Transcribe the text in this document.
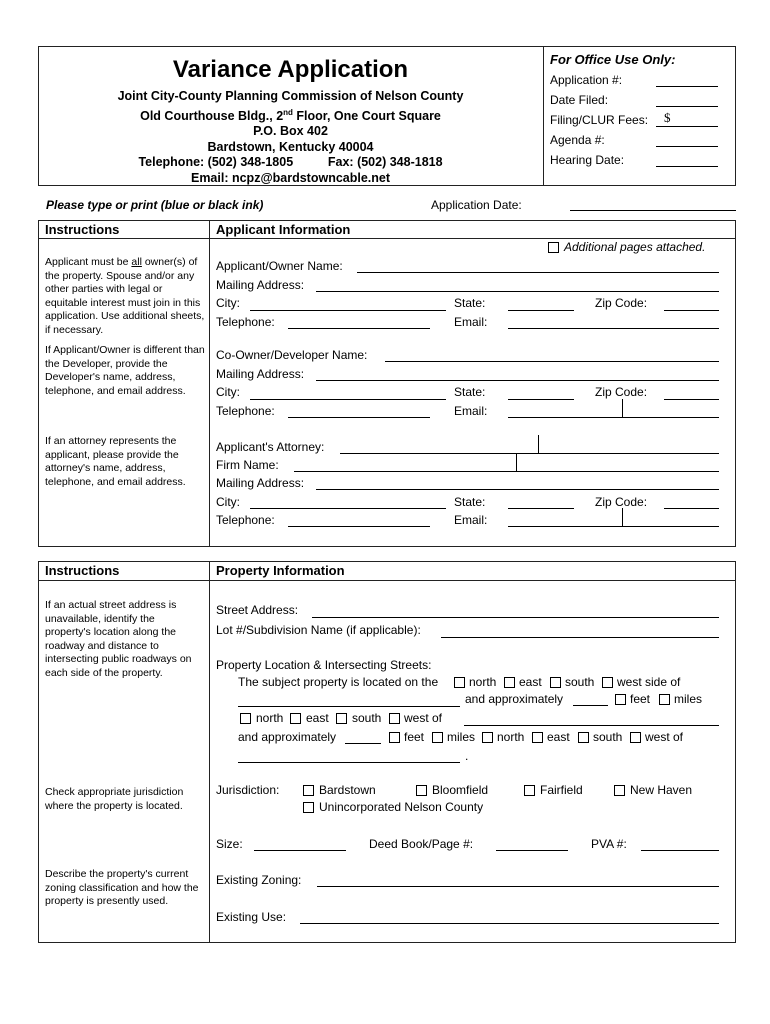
Variance Application
Joint City-County Planning Commission of Nelson County
Old Courthouse Bldg., 2nd Floor, One Court Square
P.O. Box 402
Bardstown, Kentucky 40004
Telephone: (502) 348-1805	Fax: (502) 348-1818
Email: ncpz@bardstowncable.net
For Office Use Only:
Application #:
Date Filed:
Filing/CLUR Fees: $
Agenda #:
Hearing Date:
Please type or print (blue or black ink)	Application Date:
Instructions	Applicant Information
Applicant must be all owner(s) of the property. Spouse and/or any other parties with legal or equitable interest must join in this application. Use additional sheets, if necessary.
If Applicant/Owner is different than the Developer, provide the Developer's name, address, telephone, and email address.
If an attorney represents the applicant, please provide the attorney's name, address, telephone, and email address.
Additional pages attached.
Applicant/Owner Name:
Mailing Address:
City:	State:	Zip Code:
Telephone:	Email:
Co-Owner/Developer Name:
Mailing Address:
City:	State:	Zip Code:
Telephone:	Email:
Applicant's Attorney:
Firm Name:
Mailing Address:
City:	State:	Zip Code:
Telephone:	Email:
Instructions	Property Information
If an actual street address is unavailable, identify the property's location along the roadway and distance to intersecting public roadways on each side of the property.
Check appropriate jurisdiction where the property is located.
Describe the property's current zoning classification and how the property is presently used.
Street Address:
Lot #/Subdivision Name (if applicable):
Property Location & Intersecting Streets:
The subject property is located on the	north east south west side of
and approximately	feet miles
north east south west of
and approximately	feet miles north east south west of
.
Jurisdiction:	Bardstown	Bloomfield	Fairfield	New Haven
Unincorporated Nelson County
Size:	Deed Book/Page #:	PVA #:
Existing Zoning:
Existing Use:
